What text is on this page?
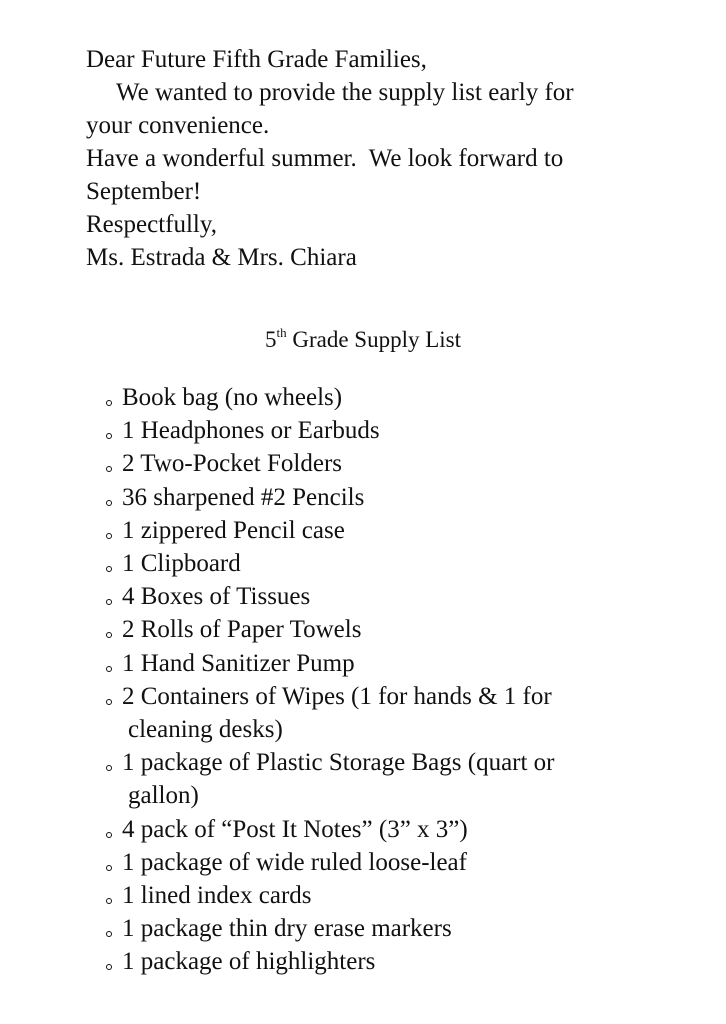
Dear Future Fifth Grade Families,

We wanted to provide the supply list early for

your convenience.

Have a wonderful summer.  We look forward to

September!

Respectfully,

Ms. Estrada & Mrs. Chiara

5th Grade Supply List
Book bag (no wheels)
1 Headphones or Earbuds
2 Two-Pocket Folders
36 sharpened #2 Pencils
1 zippered Pencil case
1 Clipboard
4 Boxes of Tissues
2 Rolls of Paper Towels
1 Hand Sanitizer Pump
2 Containers of Wipes (1 for hands & 1 for
cleaning desks)
1 package of Plastic Storage Bags (quart or
gallon)
4 pack of “Post It Notes” (3” x 3”)
1 package of wide ruled loose-leaf
1 lined index cards
1 package thin dry erase markers
1 package of highlighters
